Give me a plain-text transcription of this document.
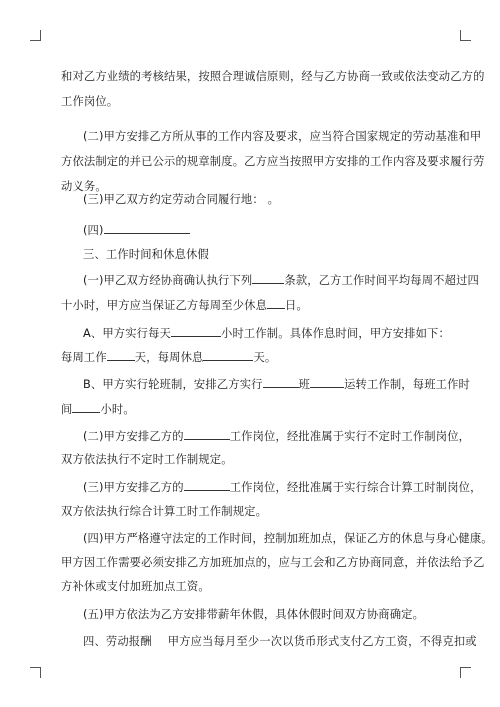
和对乙方业绩的考核结果，按照合理诚信原则，经与乙方协商一致或依法变动乙方的
工作岗位。
(二)甲方安排乙方所从事的工作内容及要求，应当符合国家规定的劳动基准和甲
方依法制定的并已公示的规章制度。乙方应当按照甲方安排的工作内容及要求履行劳
动义务。
(三)甲乙双方约定劳动合同履行地： 。
(四)
三、工作时间和休息休假
(一)甲乙双方经协商确认执行下列	条款，乙方工作时间平均每周不超过四
十小时，甲方应当保证乙方每周至少休息 日。
A、甲方实行每天	小时工作制。具体作息时间，甲方安排如下：
每周工作 天，每周休息	天。
B、甲方实行轮班制，安排乙方实行	班	运转工作制，每班工作时
间 小时。
(二)甲方安排乙方的	工作岗位，经批准属于实行不定时工作制岗位，
双方依法执行不定时工作制规定。
(三)甲方安排乙方的	工作岗位，经批准属于实行综合计算工时制岗位，
双方依法执行综合计算工时工作制规定。
(四)甲方严格遵守法定的工作时间，控制加班加点，保证乙方的休息与身心健康。
甲方因工作需要必须安排乙方加班加点的，应与工会和乙方协商同意，并依法给予乙
方补休或支付加班加点工资。
(五)甲方依法为乙方安排带薪年休假，具体休假时间双方协商确定。
四、劳动报酬 甲方应当每月至少一次以货币形式支付乙方工资，不得克扣或
